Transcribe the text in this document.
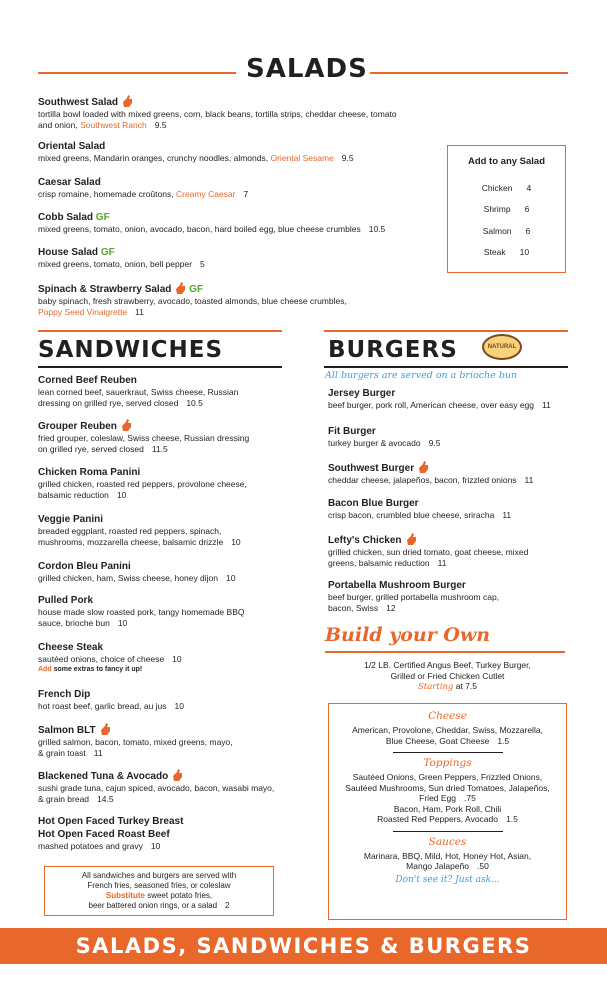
SALADS
Southwest Salad
tortilla bowl loaded with mixed greens, corn, black beans, tortilla strips, cheddar cheese, tomato
and onion, Southwest Ranch 9.5
Oriental Salad
mixed greens, Mandarin oranges, crunchy noodles, almonds, Oriental Sesame 9.5
Caesar Salad
crisp romaine, homemade croûtons, Creamy Caesar 7
Cobb Salad GF
mixed greens, tomato, onion, avocado, bacon, hard boiled egg, blue cheese crumbles 10.5
House Salad GF
mixed greens, tomato, onion, bell pepper 5
Spinach & Strawberry Salad GF
baby spinach, fresh strawberry, avocado, toasted almonds, blue cheese crumbles,
Poppy Seed Vinaigrette 11
Add to any Salad
Chicken 4
Shrimp 6
Salmon 6
Steak 10
SANDWICHES
Corned Beef Reuben
lean corned beef, sauerkraut, Swiss cheese, Russian
dressing on grilled rye, served closed 10.5
Grouper Reuben
fried grouper, coleslaw, Swiss cheese, Russian dressing
on grilled rye, served closed 11.5
Chicken Roma Panini
grilled chicken, roasted red peppers, provolone cheese,
balsamic reduction 10
Veggie Panini
breaded eggplant, roasted red peppers, spinach,
mushrooms, mozzarella cheese, balsamic drizzle 10
Cordon Bleu Panini
grilled chicken, ham, Swiss cheese, honey dijon 10
Pulled Pork
house made slow roasted pork, tangy homemade BBQ
sauce, brioche bun 10
Cheese Steak
sautéed onions, choice of cheese 10
Add some extras to fancy it up!
French Dip
hot roast beef, garlic bread, au jus 10
Salmon BLT
grilled salmon, bacon, tomato, mixed greens, mayo,
& grain toast 11
Blackened Tuna & Avocado
sushi grade tuna, cajun spiced, avocado, bacon, wasabi mayo,
& grain bread 14.5
Hot Open Faced Turkey Breast
Hot Open Faced Roast Beef
mashed potatoes and gravy 10
All sandwiches and burgers are served with
French fries, seasoned fries, or coleslaw
Substitute sweet potato fries,
beer battered onion rings, or a salad 2
BURGERS	NATURAL
All burgers are served on a brioche bun
Jersey Burger
beef burger, pork roll, American cheese, over easy egg 11
Fit Burger
turkey burger & avocado 9.5
Southwest Burger
cheddar cheese, jalapeños, bacon, frizzled onions 11
Bacon Blue Burger
crisp bacon, crumbled blue cheese, sriracha 11
Lefty's Chicken
grilled chicken, sun dried tomato, goat cheese, mixed
greens, balsamic reduction 11
Portabella Mushroom Burger
beef burger, grilled portabella mushroom cap,
bacon, Swiss 12
Build your Own
1/2 LB. Certified Angus Beef, Turkey Burger,
Grilled or Fried Chicken Cutlet
Starting at 7.5
Cheese
American, Provolone, Cheddar, Swiss, Mozzarella,
Blue Cheese, Goat Cheese 1.5
Toppings
Sautéed Onions, Green Peppers, Frizzled Onions,
Sautéed Mushrooms, Sun dried Tomatoes, Jalapeños,
Fried Egg .75
Bacon, Ham, Pork Roll, Chili
Roasted Red Peppers, Avocado 1.5
Sauces
Marinara, BBQ, Mild, Hot, Honey Hot, Asian,
Mango Jalapeño .50
Don't see it? Just ask...
SALADS, SANDWICHES & BURGERS
